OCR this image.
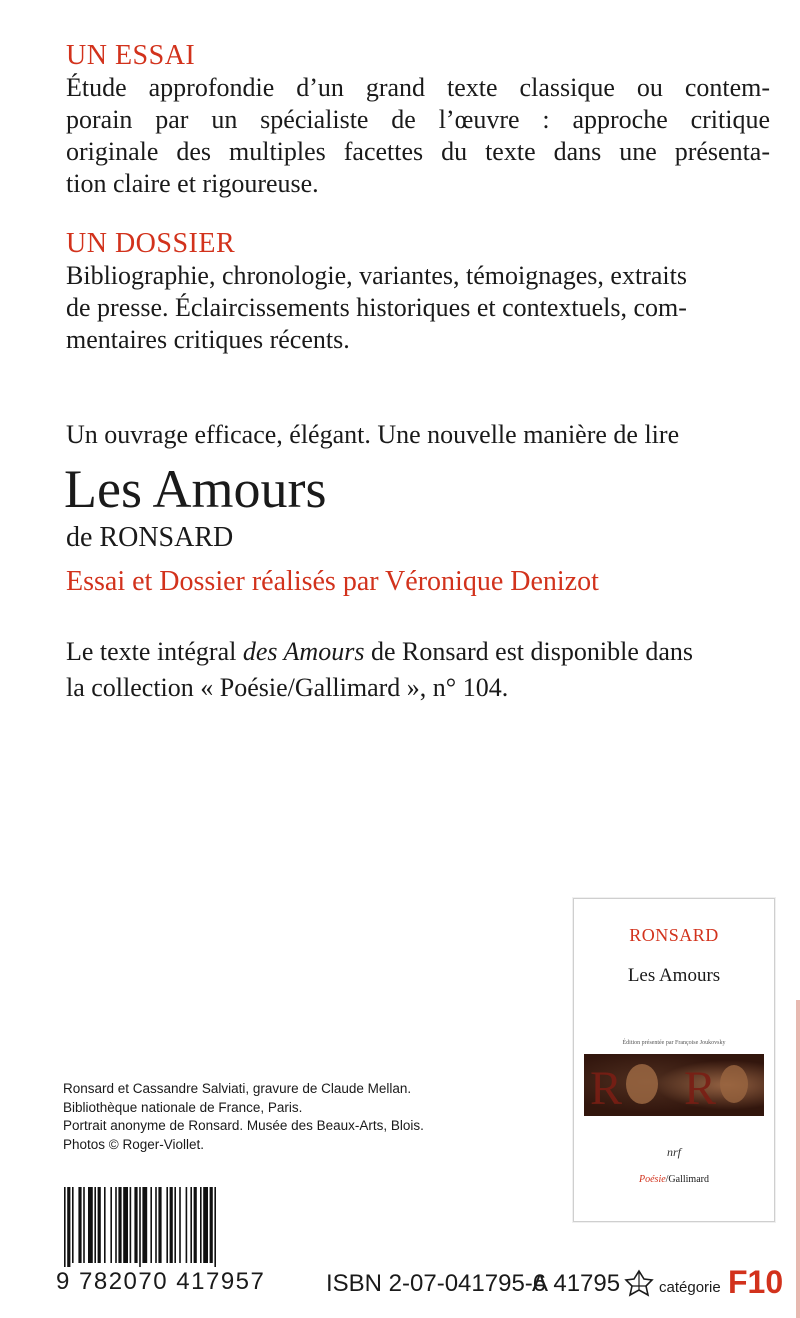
UN ESSAI
Étude approfondie d’un grand texte classique ou contem-
porain par un spécialiste de l’œuvre : approche critique
originale des multiples facettes du texte dans une présenta-
tion claire et rigoureuse.
UN DOSSIER
Bibliographie, chronologie, variantes, témoignages, extraits
de presse. Éclaircissements historiques et contextuels, com-
mentaires critiques récents.
Un ouvrage efficace, élégant. Une nouvelle manière de lire
Les Amours
de RONSARD
Essai et Dossier réalisés par Véronique Denizot
Le texte intégral des Amours de Ronsard est disponible dans
la collection « Poésie/Gallimard », n° 104.
RONSARD
Les Amours
Édition présentée par Françoise Joukovsky
R R
nrf
Poésie/Gallimard
Ronsard et Cassandre Salviati, gravure de Claude Mellan.
Bibliothèque nationale de France, Paris.
Portrait anonyme de Ronsard. Musée des Beaux-Arts, Blois.
Photos © Roger-Viollet.
9 782070 417957	ISBN 2-07-041795-6
A 41795	catégorie F10
